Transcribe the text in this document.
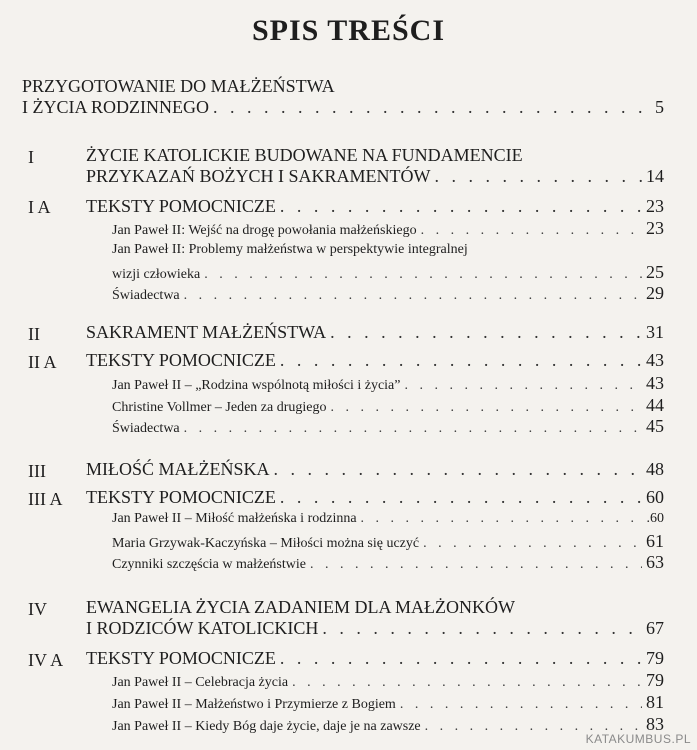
SPIS TREŚCI
PRZYGOTOWANIE DO MAŁŻEŃSTWA
I ŻYCIA RODZINNEGO . . .	5
I	ŻYCIE KATOLICKIE BUDOWANE NA FUNDAMENCIE
PRZYKAZAŃ BOŻYCH I SAKRAMENTÓW . . .	14
I A TEKSTY POMOCNICZE . . .	23
Jan Paweł II: Wejść na drogę powołania małżeńskiego . . .	23
Jan Paweł II: Problemy małżeństwa w perspektywie integralnej
wizji człowieka . . .	25
Świadectwa . . .	29
II	SAKRAMENT MAŁŻEŃSTWA . . .	31
II A TEKSTY POMOCNICZE . . .	43
Jan Paweł II – „Rodzina wspólnotą miłości i życia” . . .	43
Christine Vollmer – Jeden za drugiego . . .	44
Świadectwa . . .	45
III MIŁOŚĆ MAŁŻEŃSKA . . .	48
III A TEKSTY POMOCNICZE . . .	60
Jan Paweł II – Miłość małżeńska i rodzinna . . .	.60
Maria Grzywak-Kaczyńska – Miłości można się uczyć . . .	61
Czynniki szczęścia w małżeństwie . . .	63
IV EWANGELIA ŻYCIA ZADANIEM DLA MAŁŻONKÓW
I RODZICÓW KATOLICKICH . . .	67
IV A TEKSTY POMOCNICZE . . .	79
Jan Paweł II – Celebracja życia . . .	79
Jan Paweł II – Małżeństwo i Przymierze z Bogiem . . .	81
Jan Paweł II – Kiedy Bóg daje życie, daje je na zawsze . . .	83
KATAKUMBUS.PL
